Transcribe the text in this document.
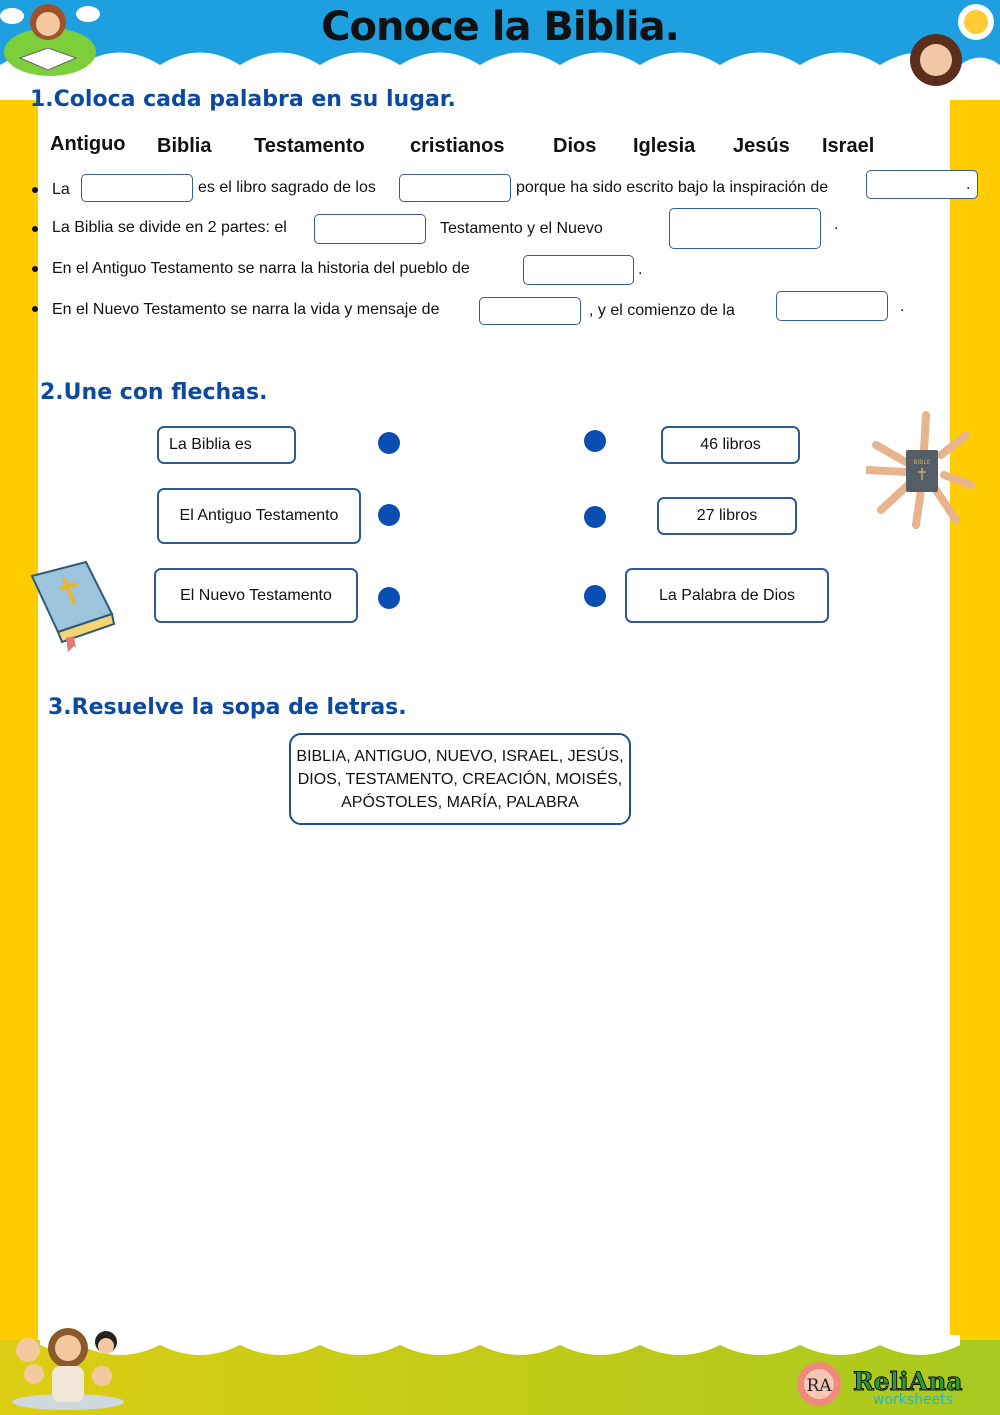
Conoce la Biblia.
1.Coloca cada palabra en su lugar.
Antiguo Biblia Testamento cristianos Dios Iglesia Jesús Israel
La	es el libro sagrado de los	porque ha sido escrito bajo la inspiración de	.
La Biblia se divide en 2 partes: el	Testamento y el Nuevo	.
En el Antiguo Testamento se narra la historia del pueblo de	.
En el Nuevo Testamento se narra la vida y mensaje de	, y el comienzo de la	.
2.Une con flechas.
La Biblia es
El Antiguo Testamento
El Nuevo Testamento
46 libros
27 libros
La Palabra de Dios
BIBLE
3.Resuelve la sopa de letras.
BIBLIA, ANTIGUO, NUEVO, ISRAEL, JESÚS,
DIOS, TESTAMENTO, CREACIÓN, MOISÉS,
APÓSTOLES, MARÍA, PALABRA
RA ReliAna
worksheets
